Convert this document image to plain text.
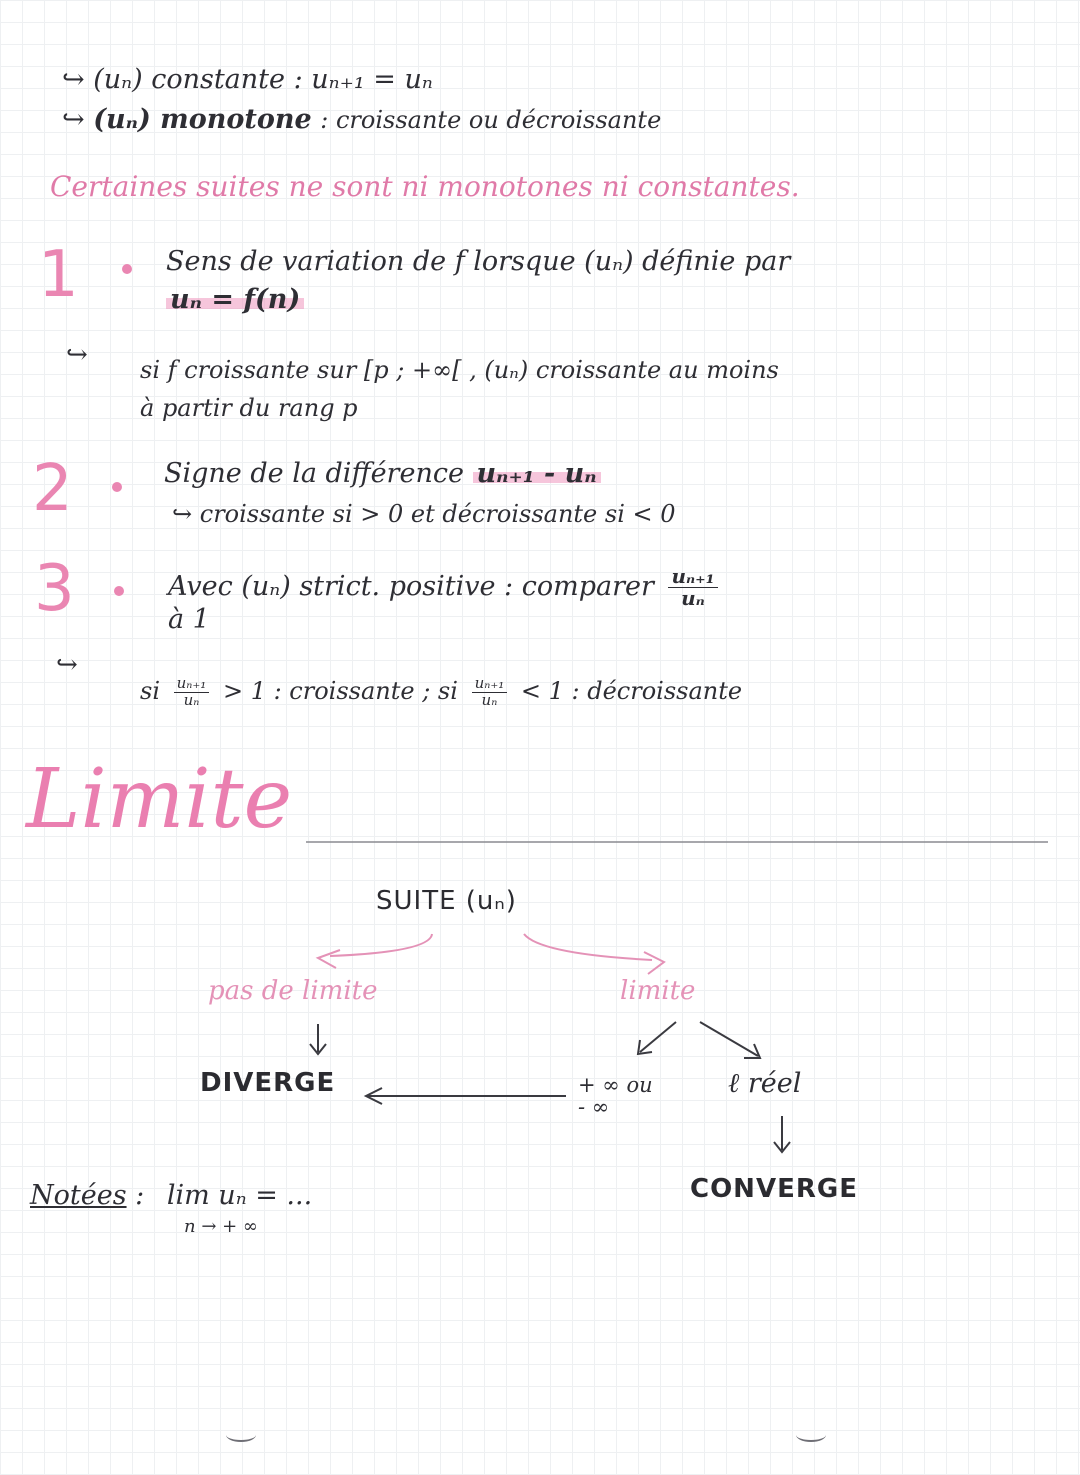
↪ (uₙ) constante : uₙ₊₁ = uₙ
↪ (uₙ) monotone : croissante ou décroissante
Certaines suites ne sont ni monotones ni constantes.
1	Sens de variation de f lorsque (uₙ) définie par
uₙ = f(n)
↪ si f croissante sur [p ; +∞[ , (uₙ) croissante au moins
à partir du rang p
2	Signe de la différence uₙ₊₁ - uₙ
↪ croissante si > 0 et décroissante si < 0
3	Avec (uₙ) strict. positive : comparer $\frac{\text{uₙ₊₁}}{\text{uₙ}}$
à 1
↪
si $\frac{\text{uₙ₊₁}}{\text{uₙ}} > 1$ : croissante ; si $\frac{\text{uₙ₊₁}}{\text{uₙ}} < 1$ : décroissante
Limite
SUITE (uₙ)
pas de limite	limite
DIVERGE	+ ∞ ou
- ∞
ℓ réel
CONVERGE
Notées : lim uₙ = ...
n → + ∞
